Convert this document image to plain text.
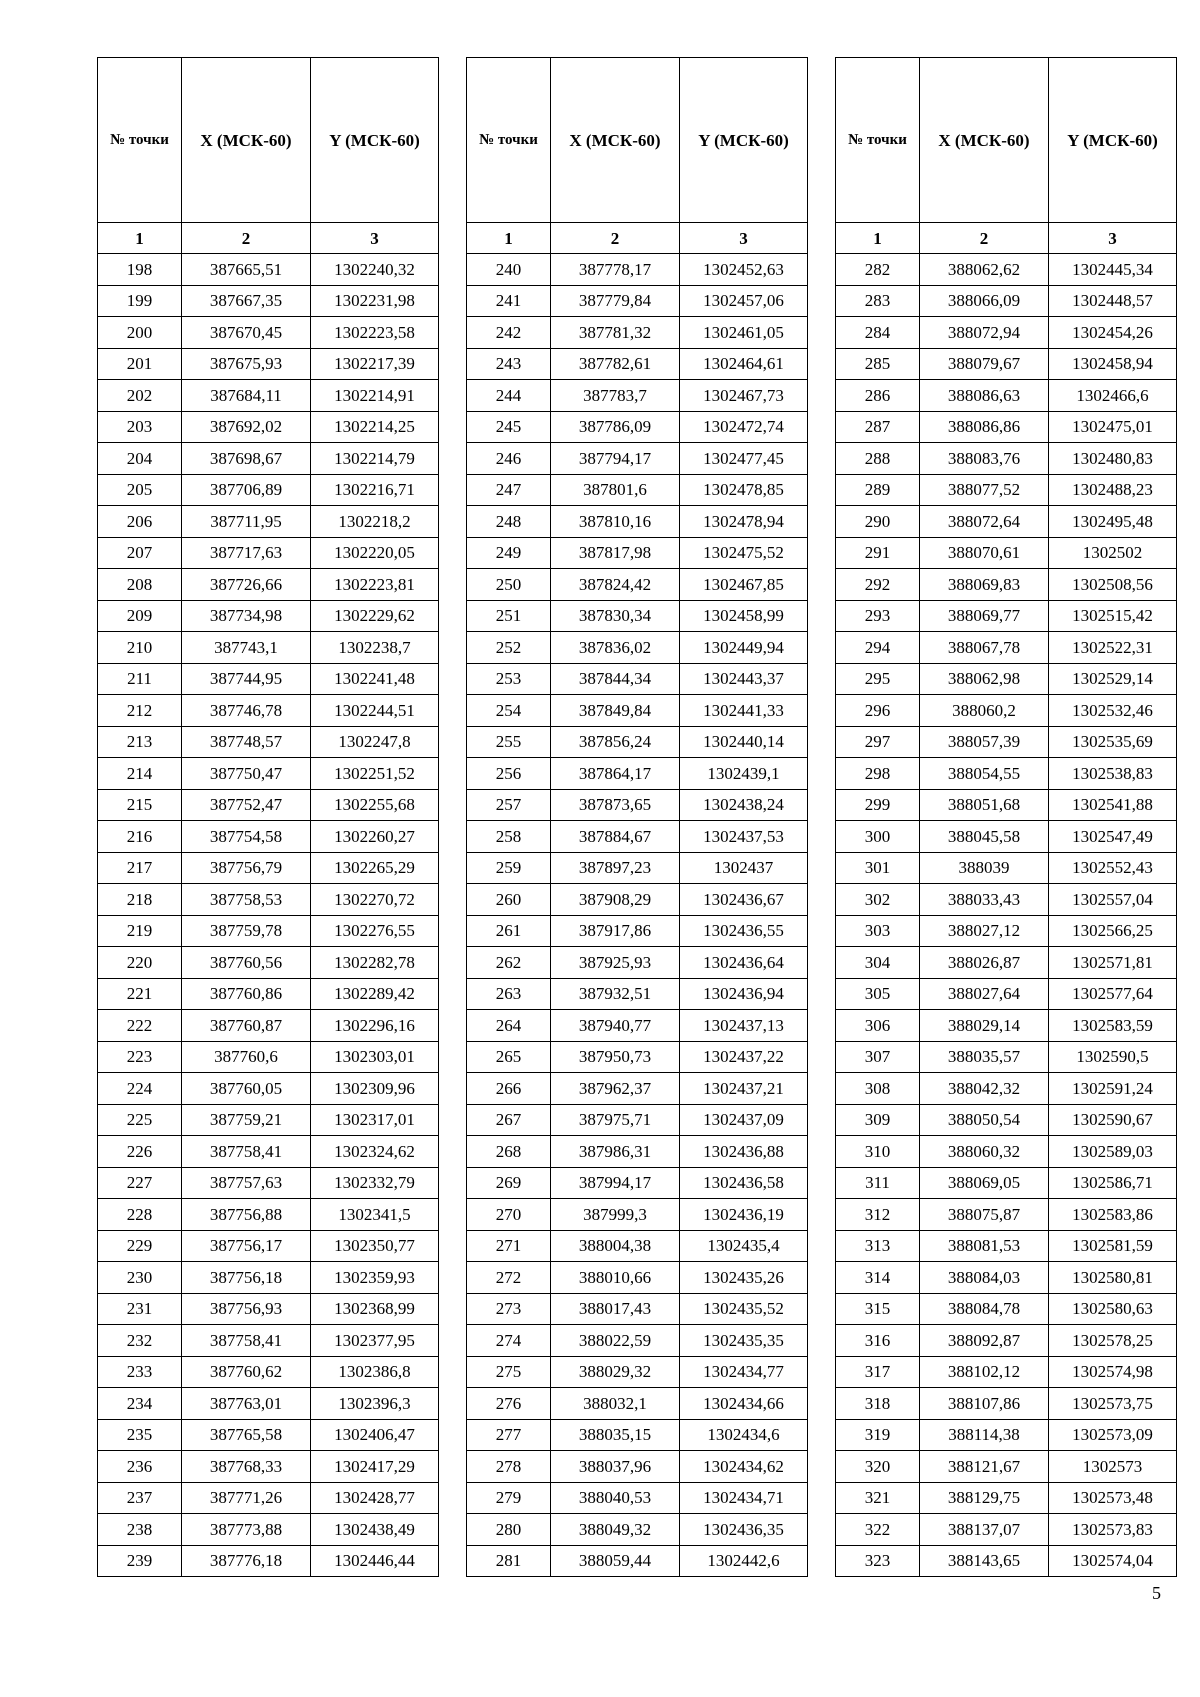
№ точки	X (МСК-60)	Y (МСК-60)
1	2	3
198	387665,51	1302240,32
199	387667,35	1302231,98
200	387670,45	1302223,58
201	387675,93	1302217,39
202	387684,11	1302214,91
203	387692,02	1302214,25
204	387698,67	1302214,79
205	387706,89	1302216,71
206	387711,95	1302218,2
207	387717,63	1302220,05
208	387726,66	1302223,81
209	387734,98	1302229,62
210	387743,1	1302238,7
211	387744,95	1302241,48
212	387746,78	1302244,51
213	387748,57	1302247,8
214	387750,47	1302251,52
215	387752,47	1302255,68
216	387754,58	1302260,27
217	387756,79	1302265,29
218	387758,53	1302270,72
219	387759,78	1302276,55
220	387760,56	1302282,78
221	387760,86	1302289,42
222	387760,87	1302296,16
223	387760,6	1302303,01
224	387760,05	1302309,96
225	387759,21	1302317,01
226	387758,41	1302324,62
227	387757,63	1302332,79
228	387756,88	1302341,5
229	387756,17	1302350,77
230	387756,18	1302359,93
231	387756,93	1302368,99
232	387758,41	1302377,95
233	387760,62	1302386,8
234	387763,01	1302396,3
235	387765,58	1302406,47
236	387768,33	1302417,29
237	387771,26	1302428,77
238	387773,88	1302438,49
239	387776,18	1302446,44
№ точки	X (МСК-60)	Y (МСК-60)
1	2	3
240	387778,17	1302452,63
241	387779,84	1302457,06
242	387781,32	1302461,05
243	387782,61	1302464,61
244	387783,7	1302467,73
245	387786,09	1302472,74
246	387794,17	1302477,45
247	387801,6	1302478,85
248	387810,16	1302478,94
249	387817,98	1302475,52
250	387824,42	1302467,85
251	387830,34	1302458,99
252	387836,02	1302449,94
253	387844,34	1302443,37
254	387849,84	1302441,33
255	387856,24	1302440,14
256	387864,17	1302439,1
257	387873,65	1302438,24
258	387884,67	1302437,53
259	387897,23	1302437
260	387908,29	1302436,67
261	387917,86	1302436,55
262	387925,93	1302436,64
263	387932,51	1302436,94
264	387940,77	1302437,13
265	387950,73	1302437,22
266	387962,37	1302437,21
267	387975,71	1302437,09
268	387986,31	1302436,88
269	387994,17	1302436,58
270	387999,3	1302436,19
271	388004,38	1302435,4
272	388010,66	1302435,26
273	388017,43	1302435,52
274	388022,59	1302435,35
275	388029,32	1302434,77
276	388032,1	1302434,66
277	388035,15	1302434,6
278	388037,96	1302434,62
279	388040,53	1302434,71
280	388049,32	1302436,35
281	388059,44	1302442,6
№ точки	X (МСК-60)	Y (МСК-60)
1	2	3
282	388062,62	1302445,34
283	388066,09	1302448,57
284	388072,94	1302454,26
285	388079,67	1302458,94
286	388086,63	1302466,6
287	388086,86	1302475,01
288	388083,76	1302480,83
289	388077,52	1302488,23
290	388072,64	1302495,48
291	388070,61	1302502
292	388069,83	1302508,56
293	388069,77	1302515,42
294	388067,78	1302522,31
295	388062,98	1302529,14
296	388060,2	1302532,46
297	388057,39	1302535,69
298	388054,55	1302538,83
299	388051,68	1302541,88
300	388045,58	1302547,49
301	388039	1302552,43
302	388033,43	1302557,04
303	388027,12	1302566,25
304	388026,87	1302571,81
305	388027,64	1302577,64
306	388029,14	1302583,59
307	388035,57	1302590,5
308	388042,32	1302591,24
309	388050,54	1302590,67
310	388060,32	1302589,03
311	388069,05	1302586,71
312	388075,87	1302583,86
313	388081,53	1302581,59
314	388084,03	1302580,81
315	388084,78	1302580,63
316	388092,87	1302578,25
317	388102,12	1302574,98
318	388107,86	1302573,75
319	388114,38	1302573,09
320	388121,67	1302573
321	388129,75	1302573,48
322	388137,07	1302573,83
323	388143,65	1302574,04
5
